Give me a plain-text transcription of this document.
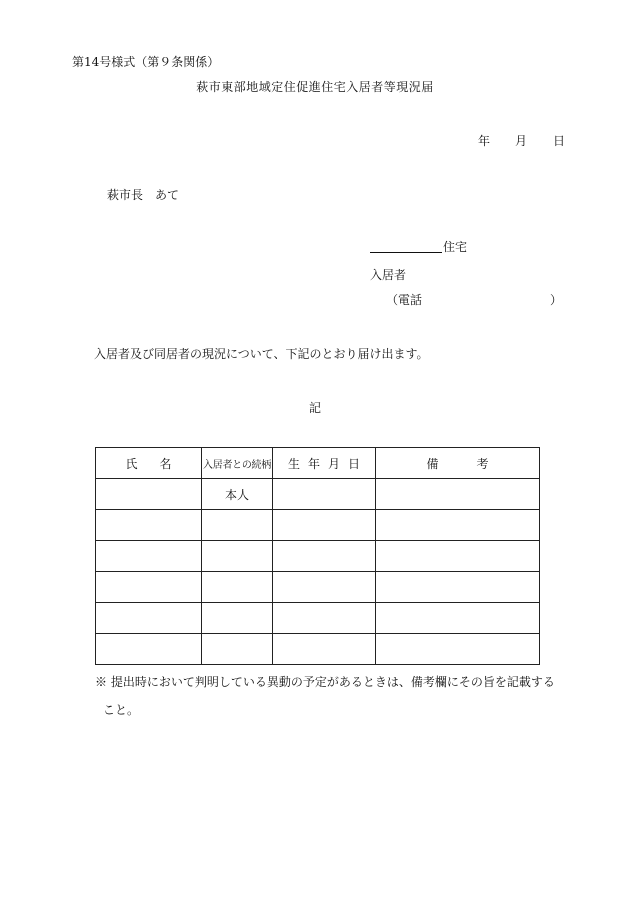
第14号様式（第９条関係）
萩市東部地域定住促進住宅入居者等現況届
年 月 日
萩市長　あて
住宅
入居者
（電話	）
入居者及び同居者の現況について、下記のとおり届け出ます。
記
氏名	入居者との続柄	生年月日	備考
	本人		

※ 提出時において判明している異動の予定があるときは、備考欄にその旨を記載する
こと。
